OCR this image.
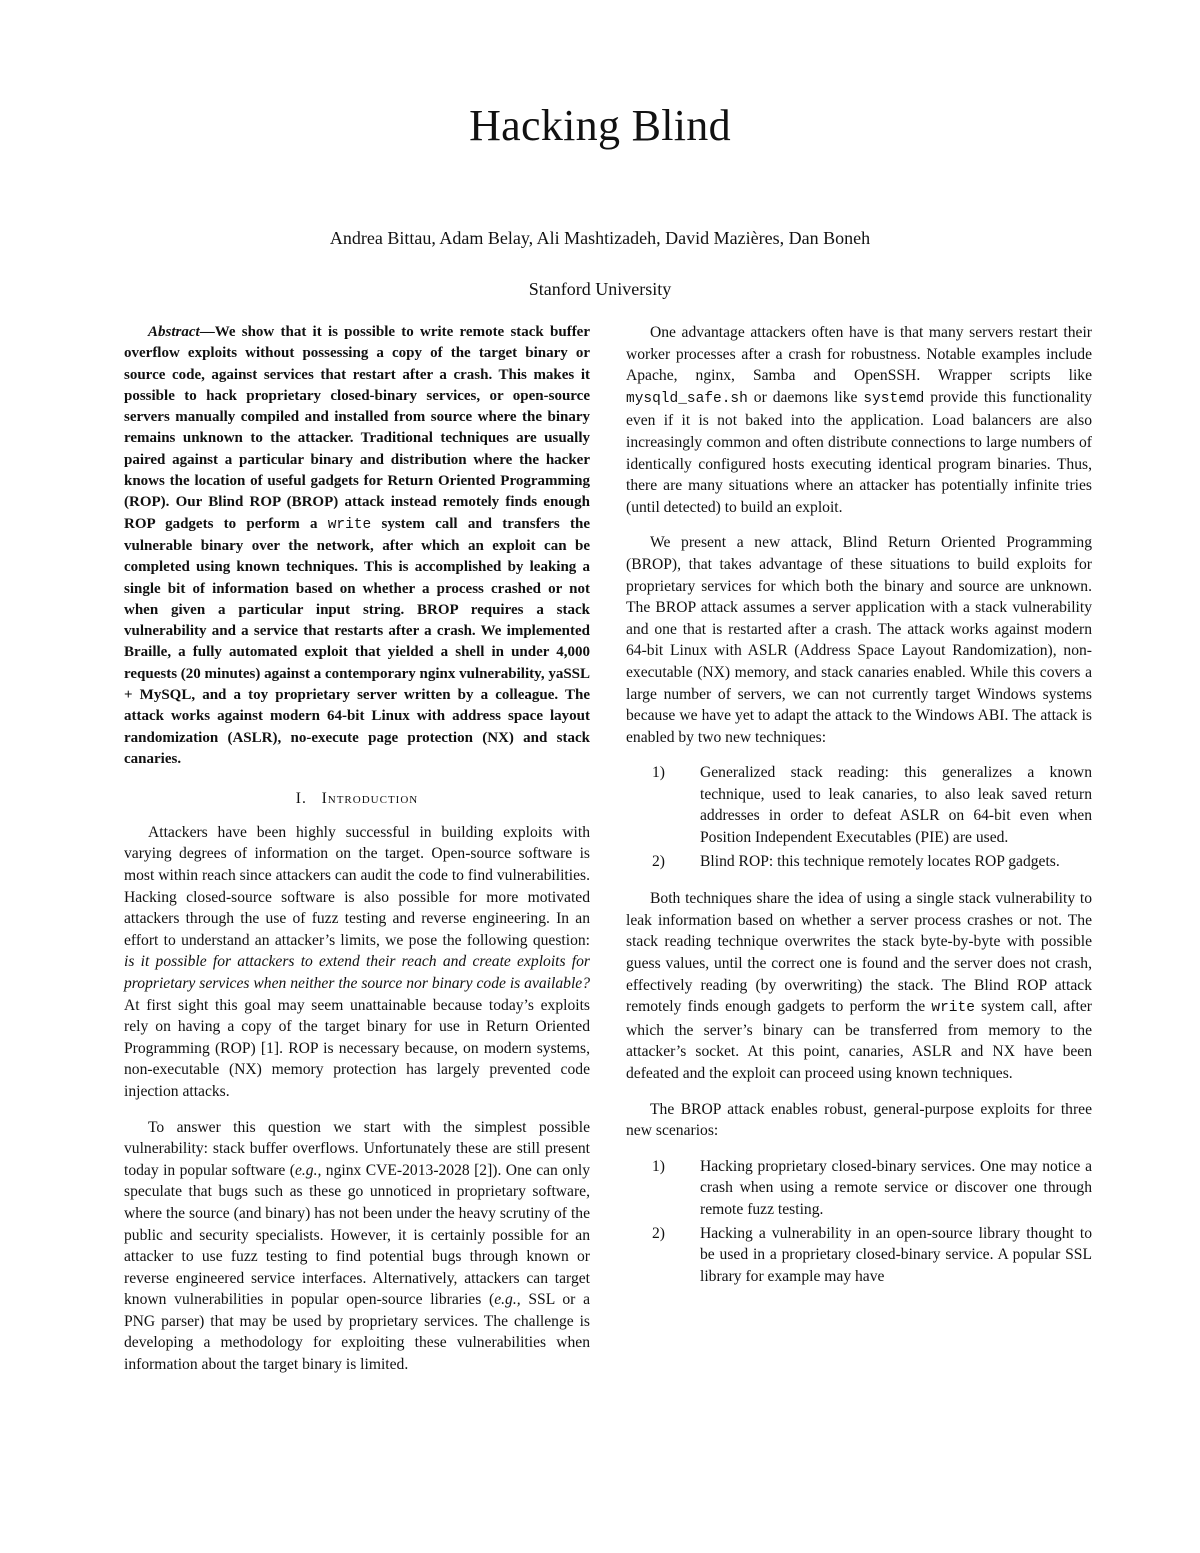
Hacking Blind
Andrea Bittau, Adam Belay, Ali Mashtizadeh, David Mazières, Dan Boneh
Stanford University

Abstract—We show that it is possible to write remote stack buffer overflow exploits without possessing a copy of the target binary or source code, against services that restart after a crash. This makes it possible to hack proprietary closed-binary services, or open-source servers manually compiled and installed from source where the binary remains unknown to the attacker. Traditional techniques are usually paired against a particular binary and distribution where the hacker knows the location of useful gadgets for Return Oriented Programming (ROP). Our Blind ROP (BROP) attack instead remotely finds enough ROP gadgets to perform a write system call and transfers the vulnerable binary over the network, after which an exploit can be completed using known techniques. This is accomplished by leaking a single bit of information based on whether a process crashed or not when given a particular input string. BROP requires a stack vulnerability and a service that restarts after a crash. We implemented Braille, a fully automated exploit that yielded a shell in under 4,000 requests (20 minutes) against a contemporary nginx vulnerability, yaSSL + MySQL, and a toy proprietary server written by a colleague. The attack works against modern 64-bit Linux with address space layout randomization (ASLR), no-execute page protection (NX) and stack canaries.

I. Introduction

Attackers have been highly successful in building exploits with varying degrees of information on the target. Open-source software is most within reach since attackers can audit the code to find vulnerabilities. Hacking closed-source software is also possible for more motivated attackers through the use of fuzz testing and reverse engineering. In an effort to understand an attacker’s limits, we pose the following question: is it possible for attackers to extend their reach and create exploits for proprietary services when neither the source nor binary code is available? At first sight this goal may seem unattainable because today’s exploits rely on having a copy of the target binary for use in Return Oriented Programming (ROP) [1]. ROP is necessary because, on modern systems, non-executable (NX) memory protection has largely prevented code injection attacks.

To answer this question we start with the simplest possible vulnerability: stack buffer overflows. Unfortunately these are still present today in popular software (e.g., nginx CVE-2013-2028 [2]). One can only speculate that bugs such as these go unnoticed in proprietary software, where the source (and binary) has not been under the heavy scrutiny of the public and security specialists. However, it is certainly possible for an attacker to use fuzz testing to find potential bugs through known or reverse engineered service interfaces. Alternatively, attackers can target known vulnerabilities in popular open-source libraries (e.g., SSL or a PNG parser) that may be used by proprietary services. The challenge is developing a methodology for exploiting these vulnerabilities when information about the target binary is limited.

One advantage attackers often have is that many servers restart their worker processes after a crash for robustness. Notable examples include Apache, nginx, Samba and OpenSSH. Wrapper scripts like mysqld_safe.sh or daemons like systemd provide this functionality even if it is not baked into the application. Load balancers are also increasingly common and often distribute connections to large numbers of identically configured hosts executing identical program binaries. Thus, there are many situations where an attacker has potentially infinite tries (until detected) to build an exploit.

We present a new attack, Blind Return Oriented Programming (BROP), that takes advantage of these situations to build exploits for proprietary services for which both the binary and source are unknown. The BROP attack assumes a server application with a stack vulnerability and one that is restarted after a crash. The attack works against modern 64-bit Linux with ASLR (Address Space Layout Randomization), non-executable (NX) memory, and stack canaries enabled. While this covers a large number of servers, we can not currently target Windows systems because we have yet to adapt the attack to the Windows ABI. The attack is enabled by two new techniques:

1) Generalized stack reading: this generalizes a known technique, used to leak canaries, to also leak saved return addresses in order to defeat ASLR on 64-bit even when Position Independent Executables (PIE) are used.
2) Blind ROP: this technique remotely locates ROP gadgets.

Both techniques share the idea of using a single stack vulnerability to leak information based on whether a server process crashes or not. The stack reading technique overwrites the stack byte-by-byte with possible guess values, until the correct one is found and the server does not crash, effectively reading (by overwriting) the stack. The Blind ROP attack remotely finds enough gadgets to perform the write system call, after which the server’s binary can be transferred from memory to the attacker’s socket. At this point, canaries, ASLR and NX have been defeated and the exploit can proceed using known techniques.

The BROP attack enables robust, general-purpose exploits for three new scenarios:

1) Hacking proprietary closed-binary services. One may notice a crash when using a remote service or discover one through remote fuzz testing.
2) Hacking a vulnerability in an open-source library thought to be used in a proprietary closed-binary service. A popular SSL library for example may have
